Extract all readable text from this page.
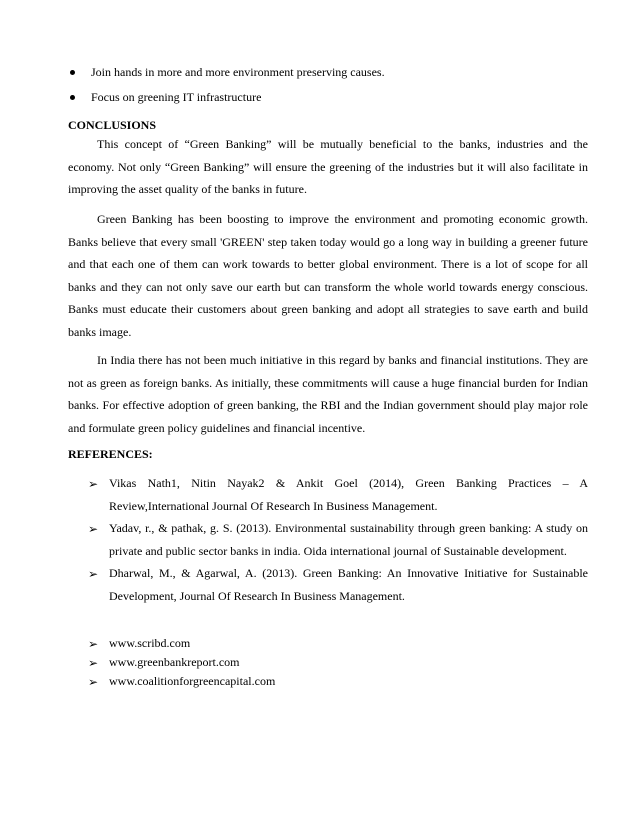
Join hands in more and more environment preserving causes.
Focus on greening IT infrastructure
CONCLUSIONS
This concept of “Green Banking” will be mutually beneficial to the banks, industries and the economy. Not only “Green Banking” will ensure the greening of the industries but it will also facilitate in improving the asset quality of the banks in future.
Green Banking has been boosting to improve the environment and promoting economic growth. Banks believe that every small 'GREEN' step taken today would go a long way in building a greener future and that each one of them can work towards to better global environment. There is a lot of scope for all banks and they can not only save our earth but can transform the whole world towards energy conscious. Banks must educate their customers about green banking and adopt all strategies to save earth and build banks image.
In India there has not been much initiative in this regard by banks and financial institutions. They are not as green as foreign banks. As initially, these commitments will cause a huge financial burden for Indian banks. For effective adoption of green banking, the RBI and the Indian government should play major role and formulate green policy guidelines and financial incentive.
REFERENCES:
➢ Vikas Nath1, Nitin Nayak2 & Ankit Goel (2014), Green Banking Practices – A Review,International Journal Of Research In Business Management.
➢ Yadav, r., & pathak, g. S. (2013). Environmental sustainability through green banking: A study on private and public sector banks in india. Oida international journal of Sustainable development.
➢ Dharwal, M., & Agarwal, A. (2013). Green Banking: An Innovative Initiative for Sustainable Development, Journal Of Research In Business Management.
➢ www.scribd.com
➢ www.greenbankreport.com
➢ www.coalitionforgreencapital.com
